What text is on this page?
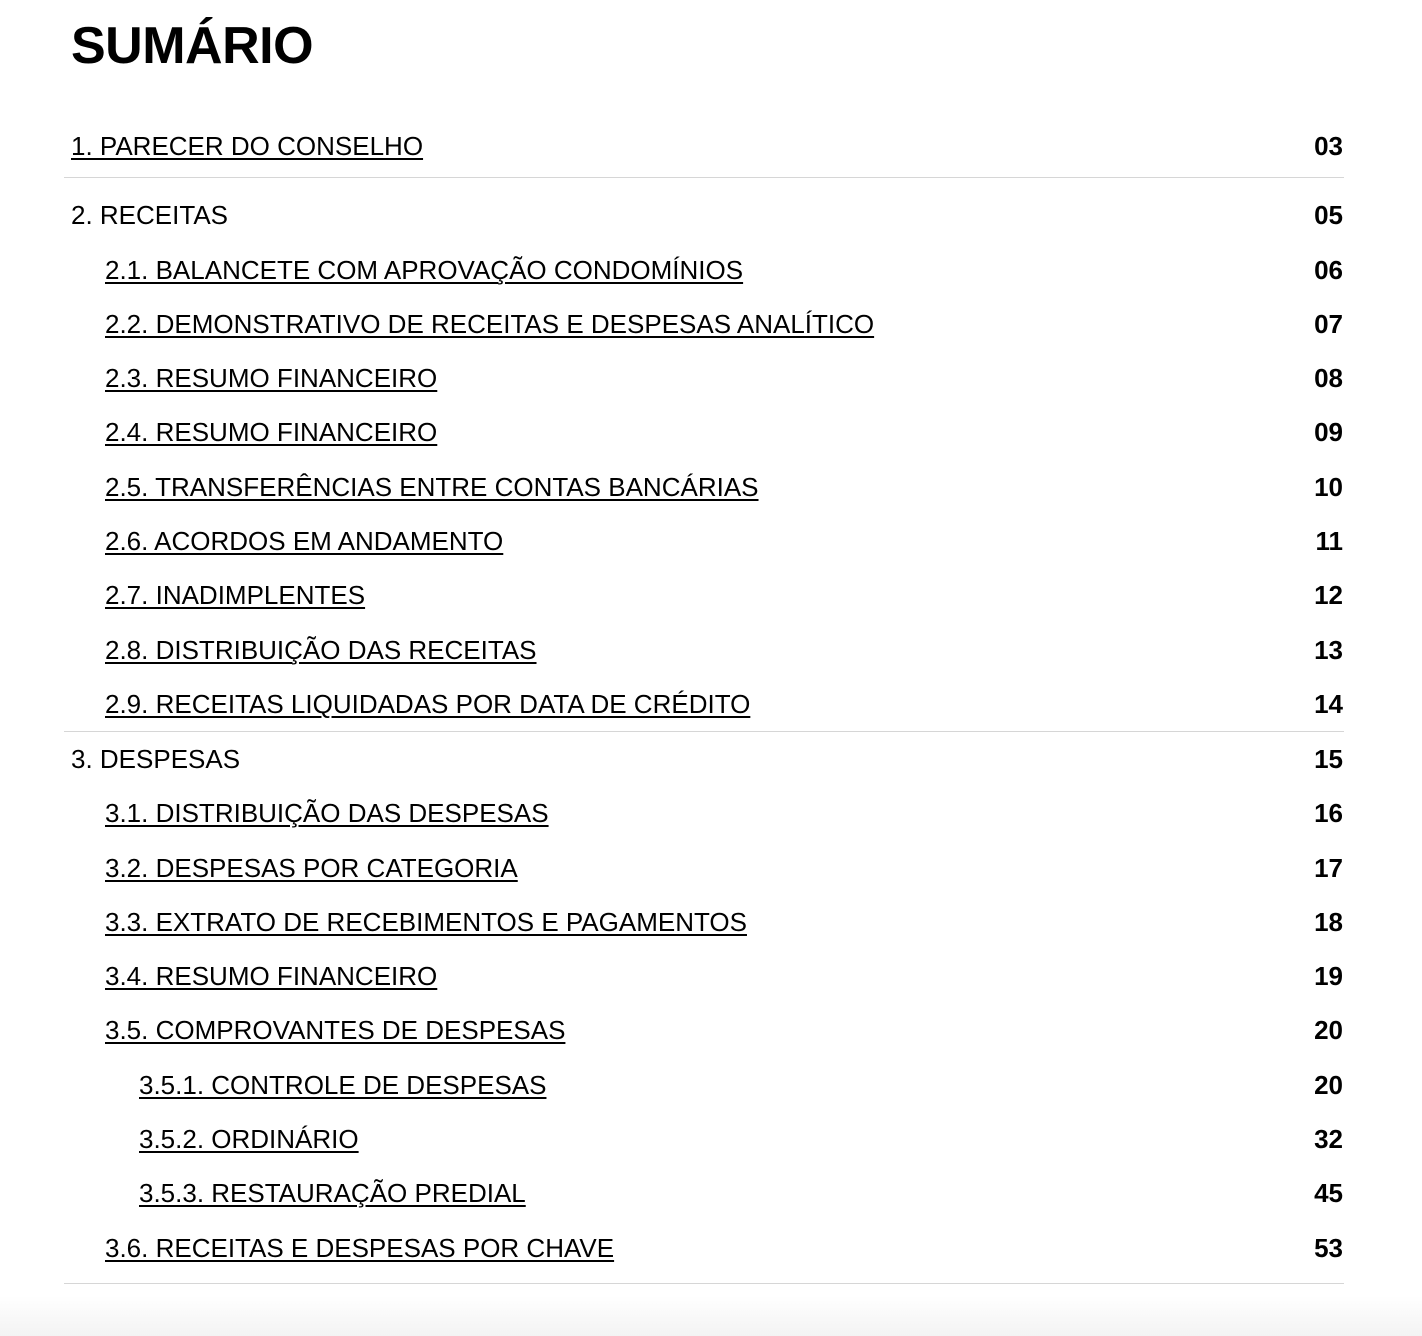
SUMÁRIO
1. PARECER DO CONSELHO	03
2. RECEITAS	05
2.1. BALANCETE COM APROVAÇÃO CONDOMÍNIOS	06
2.2. DEMONSTRATIVO DE RECEITAS E DESPESAS ANALÍTICO	07
2.3. RESUMO FINANCEIRO	08
2.4. RESUMO FINANCEIRO	09
2.5. TRANSFERÊNCIAS ENTRE CONTAS BANCÁRIAS	10
2.6. ACORDOS EM ANDAMENTO	11
2.7. INADIMPLENTES	12
2.8. DISTRIBUIÇÃO DAS RECEITAS	13
2.9. RECEITAS LIQUIDADAS POR DATA DE CRÉDITO	14
3. DESPESAS	15
3.1. DISTRIBUIÇÃO DAS DESPESAS	16
3.2. DESPESAS POR CATEGORIA	17
3.3. EXTRATO DE RECEBIMENTOS E PAGAMENTOS	18
3.4. RESUMO FINANCEIRO	19
3.5. COMPROVANTES DE DESPESAS	20
3.5.1. CONTROLE DE DESPESAS	20
3.5.2. ORDINÁRIO	32
3.5.3. RESTAURAÇÃO PREDIAL	45
3.6. RECEITAS E DESPESAS POR CHAVE	53
